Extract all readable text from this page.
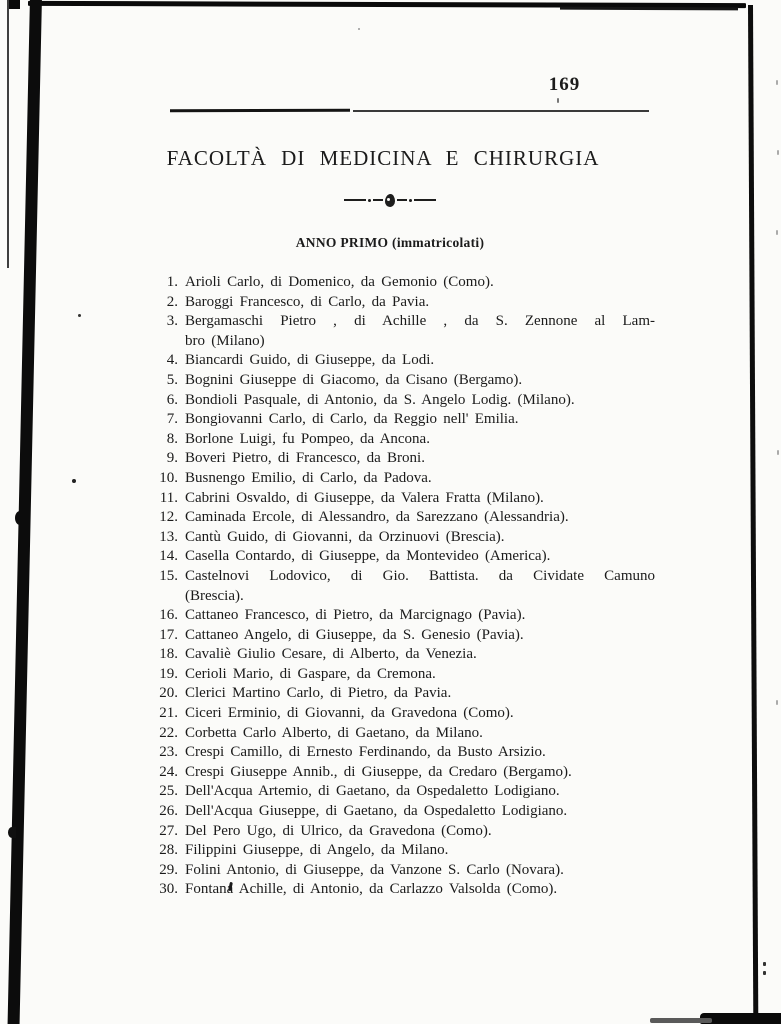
169
FACOLTÀ DI MEDICINA E CHIRURGIA
ANNO PRIMO (immatricolati)
1. Arioli Carlo, di Domenico, da Gemonio (Como).
2. Baroggi Francesco, di Carlo, da Pavia.
3. Bergamaschi Pietro , di Achille , da S. Zennone al Lam-
bro (Milano)
4. Biancardi Guido, di Giuseppe, da Lodi.
5. Bognini Giuseppe di Giacomo, da Cisano (Bergamo).
6. Bondioli Pasquale, di Antonio, da S. Angelo Lodig. (Milano).
7. Bongiovanni Carlo, di Carlo, da Reggio nell' Emilia.
8. Borlone Luigi, fu Pompeo, da Ancona.
9. Boveri Pietro, di Francesco, da Broni.
10. Busnengo Emilio, di Carlo, da Padova.
11. Cabrini Osvaldo, di Giuseppe, da Valera Fratta (Milano).
12. Caminada Ercole, di Alessandro, da Sarezzano (Alessandria).
13. Cantù Guido, di Giovanni, da Orzinuovi (Brescia).
14. Casella Contardo, di Giuseppe, da Montevideo (America).
15. Castelnovi Lodovico, di Gio. Battista. da Cividate Camuno
(Brescia).
16. Cattaneo Francesco, di Pietro, da Marcignago (Pavia).
17. Cattaneo Angelo, di Giuseppe, da S. Genesio (Pavia).
18. Cavaliè Giulio Cesare, di Alberto, da Venezia.
19. Cerioli Mario, di Gaspare, da Cremona.
20. Clerici Martino Carlo, di Pietro, da Pavia.
21. Ciceri Erminio, di Giovanni, da Gravedona (Como).
22. Corbetta Carlo Alberto, di Gaetano, da Milano.
23. Crespi Camillo, di Ernesto Ferdinando, da Busto Arsizio.
24. Crespi Giuseppe Annib., di Giuseppe, da Credaro (Bergamo).
25. Dell'Acqua Artemio, di Gaetano, da Ospedaletto Lodigiano.
26. Dell'Acqua Giuseppe, di Gaetano, da Ospedaletto Lodigiano.
27. Del Pero Ugo, di Ulrico, da Gravedona (Como).
28. Filippini Giuseppe, di Angelo, da Milano.
29. Folini Antonio, di Giuseppe, da Vanzone S. Carlo (Novara).
30. Fontana Achille, di Antonio, da Carlazzo Valsolda (Como).
